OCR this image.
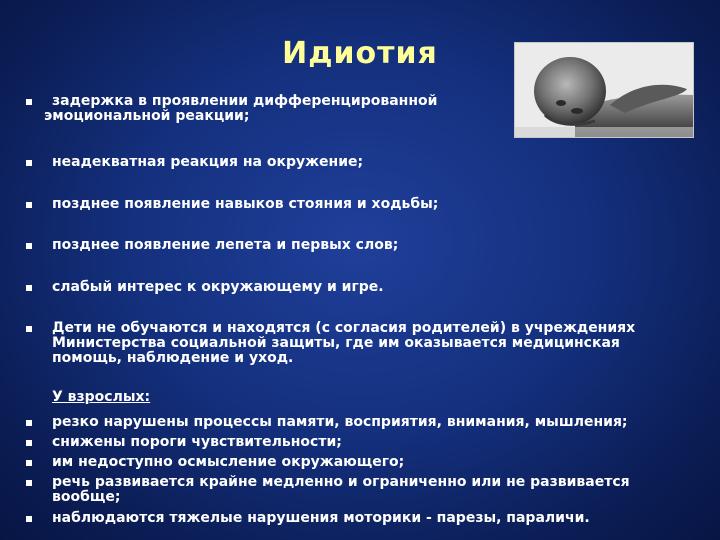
Идиотия
задержка в проявлении дифференцированной
эмоциональной реакции;
неадекватная реакция на окружение;
позднее появление навыков стояния и ходьбы;
позднее появление лепета и первых слов;
слабый интерес к окружающему и игре.
Дети не обучаются и находятся (с согласия родителей) в учреждениях
Министерства социальной защиты, где им оказывается медицинская
помощь, наблюдение и уход.
У взрослых:
резко нарушены процессы памяти, восприятия, внимания, мышления;
снижены пороги чувствительности;
им недоступно осмысление окружающего;
речь развивается крайне медленно и ограниченно или не развивается
вообще;
наблюдаются тяжелые нарушения моторики - парезы, параличи.
